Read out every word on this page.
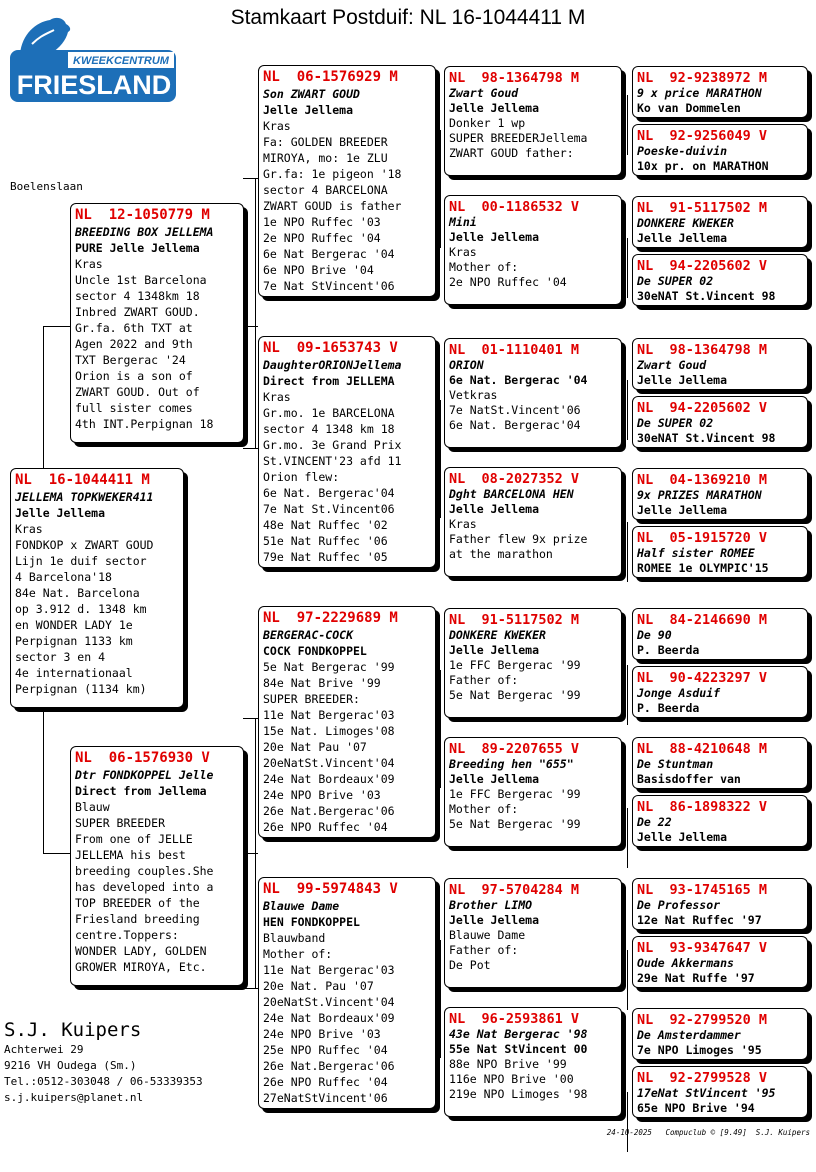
Stamkaart Postduif: NL 16-1044411 M
KWEEKCENTRUM
FRIESLAND
Boelenslaan
NL  16-1044411 M
JELLEMA TOPKWEKER411
Jelle Jellema
Kras
FONDKOP x ZWART GOUD
Lijn 1e duif sector
4 Barcelona'18
84e Nat. Barcelona
op 3.912 d. 1348 km
en WONDER LADY 1e
Perpignan 1133 km
sector 3 en 4
4e internationaal
Perpignan (1134 km)
NL  12-1050779 M
BREEDING BOX JELLEMA
PURE Jelle Jellema
Kras
Uncle 1st Barcelona
sector 4 1348km 18
Inbred ZWART GOUD.
Gr.fa. 6th TXT at
Agen 2022 and 9th
TXT Bergerac '24
Orion is a son of
ZWART GOUD. Out of
full sister comes
4th INT.Perpignan 18
NL  06-1576930 V
Dtr FONDKOPPEL Jelle
Direct from Jellema
Blauw
SUPER BREEDER
From one of JELLE
JELLEMA his best
breeding couples.She
has developed into a
TOP BREEDER of the
Friesland breeding
centre.Toppers:
WONDER LADY, GOLDEN
GROWER MIROYA, Etc.
NL  06-1576929 M
Son ZWART GOUD
Jelle Jellema
Kras
Fa: GOLDEN BREEDER
MIROYA, mo: 1e ZLU
Gr.fa: 1e pigeon '18
sector 4 BARCELONA
ZWART GOUD is father
1e NPO Ruffec '03
2e NPO Ruffec '04
6e Nat Bergerac '04
6e NPO Brive '04
7e Nat StVincent'06
NL  09-1653743 V
DaughterORIONJellema
Direct from JELLEMA
Kras
Gr.mo. 1e BARCELONA
sector 4 1348 km 18
Gr.mo. 3e Grand Prix
St.VINCENT'23 afd 11
Orion flew:
6e Nat. Bergerac'04
7e Nat St.Vincent06
48e Nat Ruffec '02
51e Nat Ruffec '06
79e Nat Ruffec '05
NL  97-2229689 M
BERGERAC-COCK
COCK FONDKOPPEL
5e Nat Bergerac '99
84e Nat Brive '99
SUPER BREEDER:
11e Nat Bergerac'03
15e Nat. Limoges'08
20e Nat Pau '07
20eNatSt.Vincent'04
24e Nat Bordeaux'09
24e NPO Brive '03
26e Nat.Bergerac'06
26e NPO Ruffec '04
NL  99-5974843 V
Blauwe Dame
HEN FONDKOPPEL
Blauwband
Mother of:
11e Nat Bergerac'03
20e Nat. Pau '07
20eNatSt.Vincent'04
24e Nat Bordeaux'09
24e NPO Brive '03
25e NPO Ruffec '04
26e Nat.Bergerac'06
26e NPO Ruffec '04
27eNatStVincent'06
NL  98-1364798 M
Zwart Goud
Jelle Jellema
Donker 1 wp
SUPER BREEDERJellema
ZWART GOUD father:
NL  00-1186532 V
Mini
Jelle Jellema
Kras
Mother of:
2e NPO Ruffec '04
NL  01-1110401 M
ORION
6e Nat. Bergerac '04
Vetkras
7e NatSt.Vincent'06
6e Nat. Bergerac'04
NL  08-2027352 V
Dght BARCELONA HEN
Jelle Jellema
Kras
Father flew 9x prize
at the marathon
NL  91-5117502 M
DONKERE KWEKER
Jelle Jellema
1e FFC Bergerac '99
Father of:
5e Nat Bergerac '99
NL  89-2207655 V
Breeding hen "655"
Jelle Jellema
1e FFC Bergerac '99
Mother of:
5e Nat Bergerac '99
NL  97-5704284 M
Brother LIMO
Jelle Jellema
Blauwe Dame
Father of:
De Pot
NL  96-2593861 V
43e Nat Bergerac '98
55e Nat StVincent 00
88e NPO Brive '99
116e NPO Brive '00
219e NPO Limoges '98
NL  92-9238972 M
9 x price MARATHON
Ko van Dommelen
NL  92-9256049 V
Poeske-duivin
10x pr. on MARATHON
NL  91-5117502 M
DONKERE KWEKER
Jelle Jellema
NL  94-2205602 V
De SUPER 02
30eNAT St.Vincent 98
NL  98-1364798 M
Zwart Goud
Jelle Jellema
NL  94-2205602 V
De SUPER 02
30eNAT St.Vincent 98
NL  04-1369210 M
9x PRIZES MARATHON
Jelle Jellema
NL  05-1915720 V
Half sister ROMEE
ROMEE 1e OLYMPIC'15
NL  84-2146690 M
De 90
P. Beerda
NL  90-4223297 V
Jonge Asduif
P. Beerda
NL  88-4210648 M
De Stuntman
Basisdoffer van
NL  86-1898322 V
De 22
Jelle Jellema
NL  93-1745165 M
De Professor
12e Nat Ruffec '97
NL  93-9347647 V
Oude Akkermans
29e Nat Ruffe '97
NL  92-2799520 M
De Amsterdammer
7e NPO Limoges '95
NL  92-2799528 V
17eNat StVincent '95
65e NPO Brive '94
S.J. Kuipers
Achterwei 29
9216 VH Oudega (Sm.)
Tel.:0512-303048 / 06-53339353
s.j.kuipers@planet.nl
24-10-2025   Compuclub © [9.49]  S.J. Kuipers
